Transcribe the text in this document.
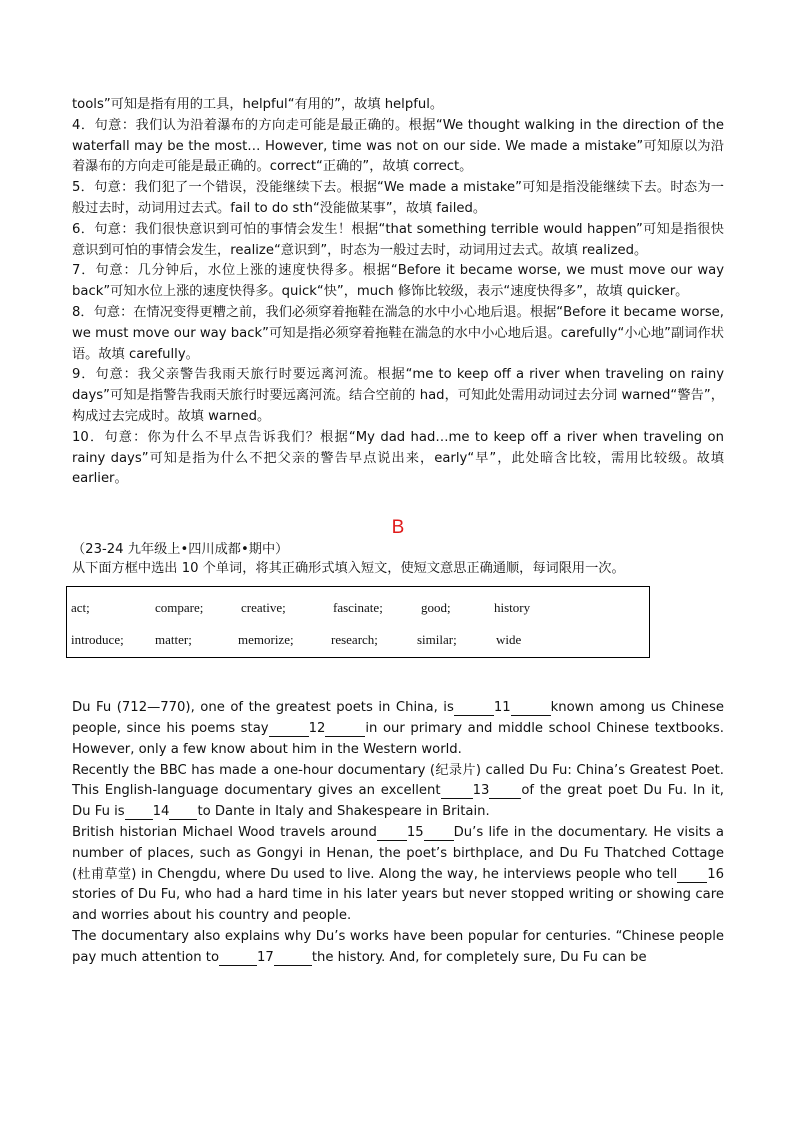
tools”可知是指有用的工具，helpful“有用的”，故填 helpful。

4．句意：我们认为沿着瀑布的方向走可能是最正确的。根据“We thought walking in the direction of the waterfall may be the most… However, time was not on our side. We made a mistake”可知原以为沿着瀑布的方向走可能是最正确的。correct“正确的”，故填 correct。

5．句意：我们犯了一个错误，没能继续下去。根据“We made a mistake”可知是指没能继续下去。时态为一般过去时，动词用过去式。fail to do sth“没能做某事”，故填 failed。

6．句意：我们很快意识到可怕的事情会发生！根据“that something terrible would happen”可知是指很快意识到可怕的事情会发生，realize“意识到”，时态为一般过去时，动词用过去式。故填 realized。

7．句意：几分钟后，水位上涨的速度快得多。根据“Before it became worse, we must move our way back”可知水位上涨的速度快得多。quick“快”，much 修饰比较级，表示“速度快得多”，故填 quicker。

8．句意：在情况变得更糟之前，我们必须穿着拖鞋在湍急的水中小心地后退。根据“Before it became worse, we must move our way back”可知是指必须穿着拖鞋在湍急的水中小心地后退。carefully“小心地”副词作状语。故填 carefully。

9．句意：我父亲警告我雨天旅行时要远离河流。根据“me to keep off a river when traveling on rainy days”可知是指警告我雨天旅行时要远离河流。结合空前的 had，可知此处需用动词过去分词 warned“警告”，构成过去完成时。故填 warned。

10．句意：你为什么不早点告诉我们？根据“My dad had…me to keep off a river when traveling on rainy days”可知是指为什么不把父亲的警告早点说出来，early“早”，此处暗含比较，需用比较级。故填 earlier。

B

（23-24 九年级上•四川成都•期中）

从下面方框中选出 10 个单词，将其正确形式填入短文，使短文意思正确通顺，每词限用一次。

act;	compare;	creative;	fascinate;	good;	history
introduce; matter;	memorize;	research;	similar;	wide

Du Fu (712—770), one of the greatest poets in China, is	11	known among us Chinese people, since his poems stay	12	in our primary and middle school Chinese textbooks. However, only a few know about him in the Western world.

Recently the BBC has made a one-hour documentary (纪录片) called Du Fu: China’s Greatest Poet. This English-language documentary gives an excellent 13 of the great poet Du Fu. In it, Du Fu is 14 to Dante in Italy and Shakespeare in Britain.

British historian Michael Wood travels around 15 Du’s life in the documentary. He visits a number of places, such as Gongyi in Henan, the poet’s birthplace, and Du Fu Thatched Cottage (杜甫草堂) in Chengdu, where Du used to live. Along the way, he interviews people who tell 16 stories of Du Fu, who had a hard time in his later years but never stopped writing or showing care and worries about his country and people.

The documentary also explains why Du’s works have been popular for centuries. “Chinese people pay much attention to	17	the history. And, for completely sure, Du Fu can be
